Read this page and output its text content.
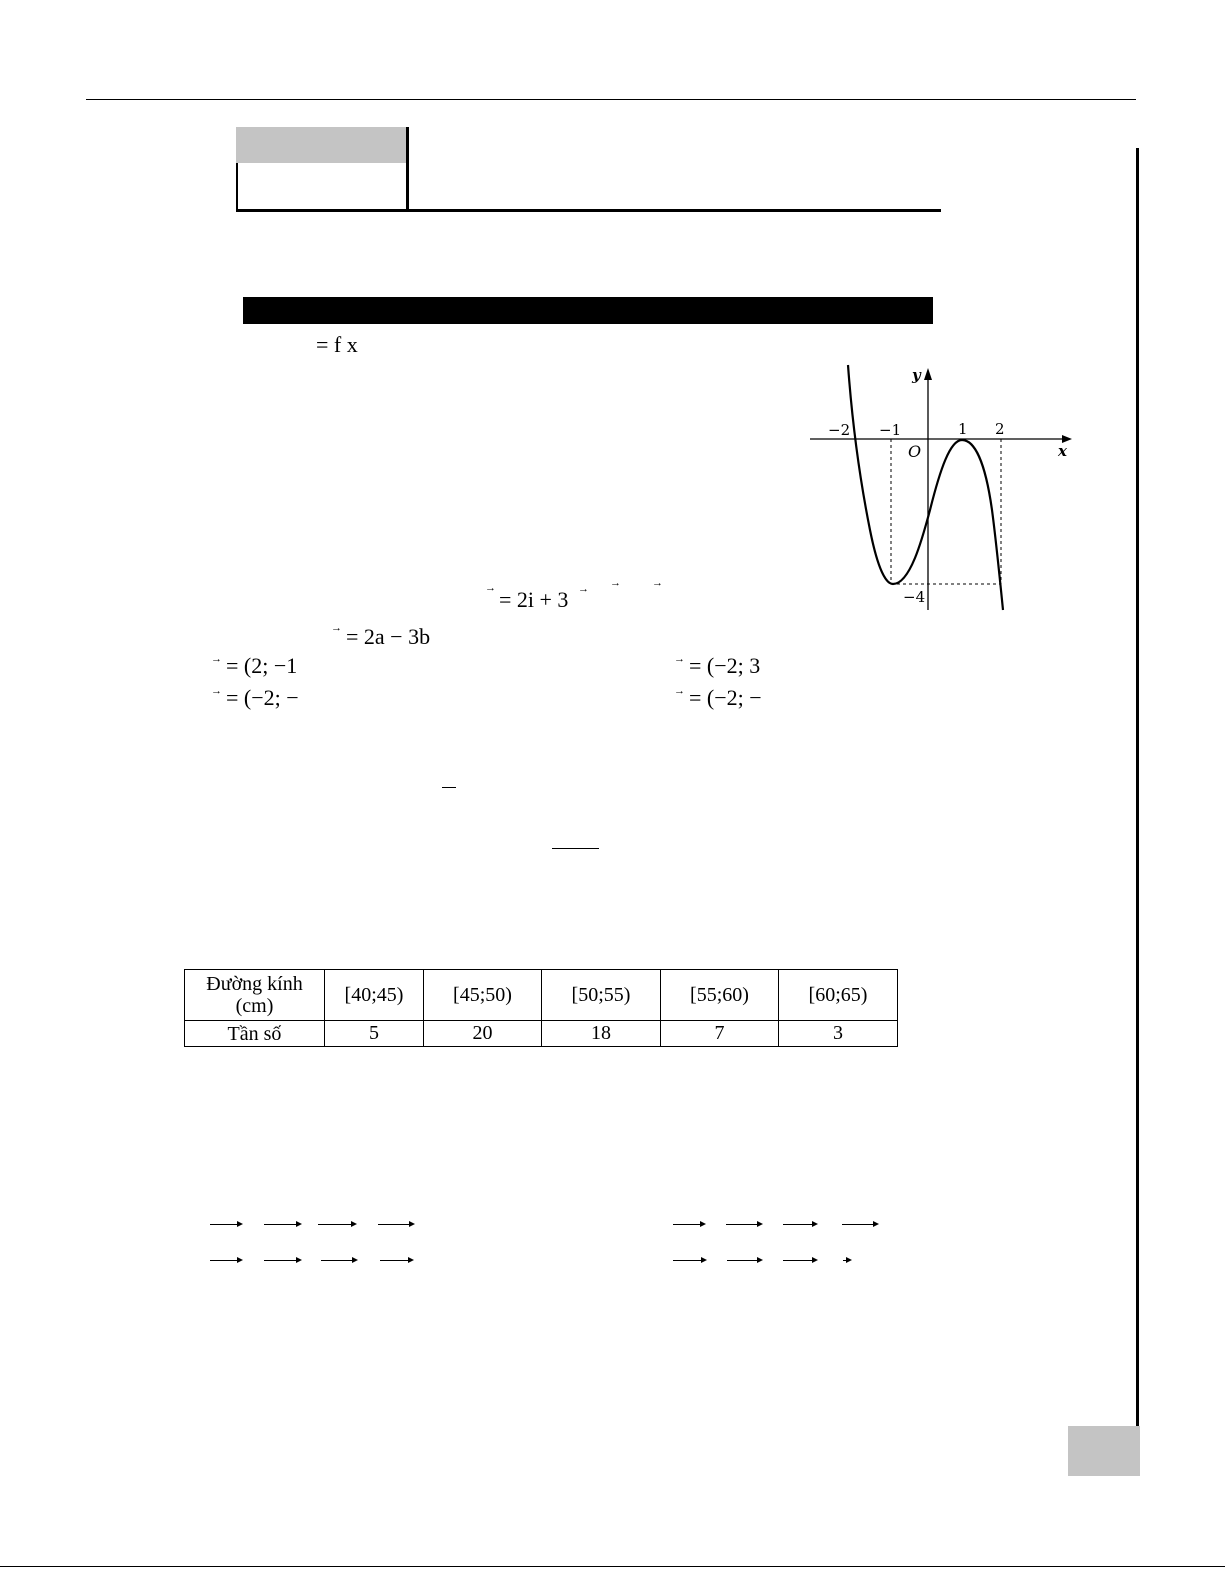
= f x
y
x
O
−2 −1	1 2
−4
→ = 2i + 3 → →	→
→ = 2a − 3b
→ = (2; −1	→ = (−2; 3
→ = (−2; −	→ = (−2; −
Đường kính
(cm)	[40;45)	[45;50)	[50;55)	[55;60)	[60;65)
Tần số	5	20	18	7	3
